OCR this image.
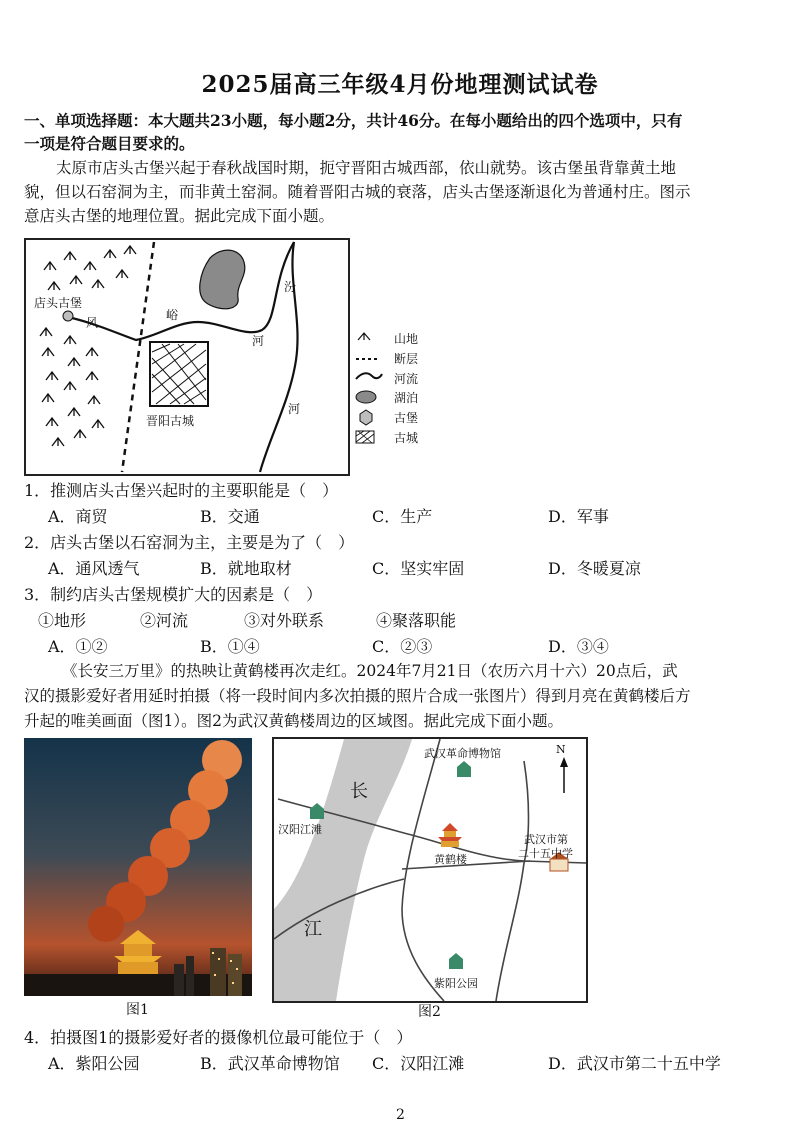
2025届高三年级4月份地理测试试卷
一、单项选择题：本大题共23小题，每小题2分，共计46分。在每小题给出的四个选项中，只有
一项是符合题目要求的。
太原市店头古堡兴起于春秋战国时期，扼守晋阳古城西部，依山就势。该古堡虽背靠黄土地
貌，但以石窑洞为主，而非黄土窑洞。随着晋阳古城的衰落，店头古堡逐渐退化为普通村庄。图示
意店头古堡的地理位置。据此完成下面小题。
店头古堡
晋阳古城
风
峪
河
汾
河
山地
断层
河流
湖泊
古堡
古城
1．推测店头古堡兴起时的主要职能是（　）
A．商贸	B．交通	C．生产	D．军事
2．店头古堡以石窑洞为主，主要是为了（　）
A．通风透气	B．就地取材	C．坚实牢固	D．冬暖夏凉
3．制约店头古堡规模扩大的因素是（　）
①地形	②河流	③对外联系	④聚落职能
A．①②	B．①④	C．②③	D．③④
《长安三万里》的热映让黄鹤楼再次走红。2024年7月21日（农历六月十六）20点后，武
汉的摄影爱好者用延时拍摄（将一段时间内多次拍摄的照片合成一张图片）得到月亮在黄鹤楼后方
升起的唯美画面（图1）。图2为武汉黄鹤楼周边的区域图。据此完成下面小题。
图1
N
长
江
武汉革命博物馆
汉阳江滩
黄鹤楼
武汉市第
二十五中学
紫阳公园
图2
4．拍摄图1的摄影爱好者的摄像机位最可能位于（　）
A．紫阳公园	B．武汉革命博物馆 C．汉阳江滩	D．武汉市第二十五中学
2
